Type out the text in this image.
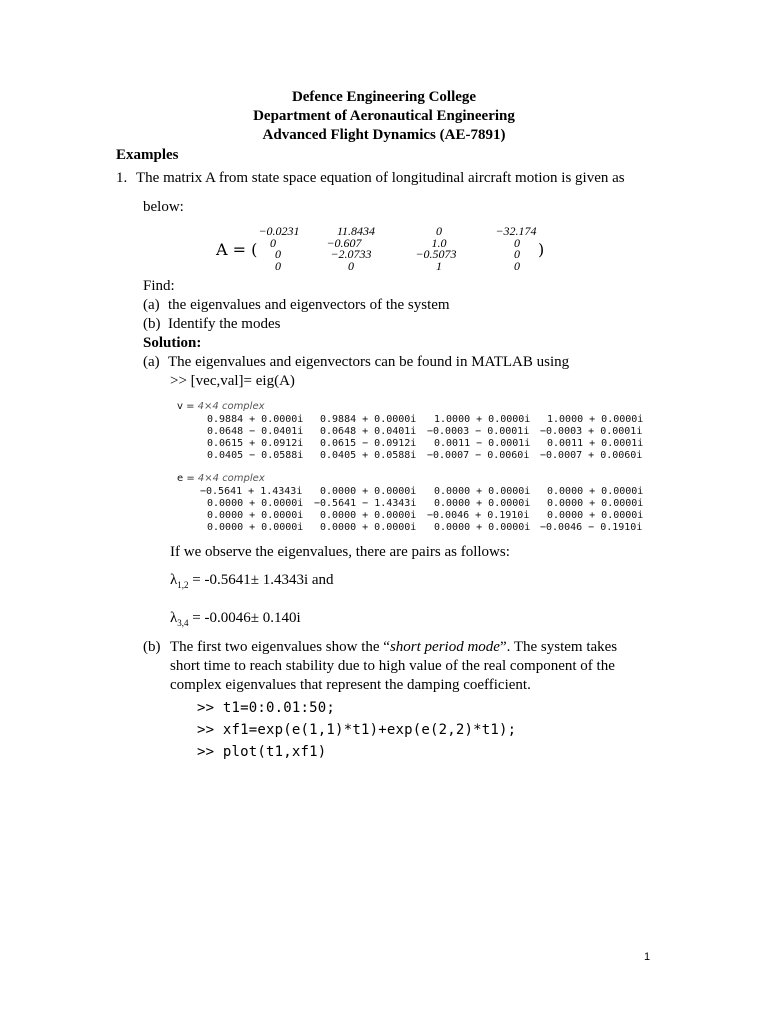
Defence Engineering College
Department of Aeronautical Engineering
Advanced Flight Dynamics (AE-7891)
Examples
1. The matrix A from state space equation of longitudinal aircraft motion is given as
below:
A = (	)
−0.0231	11.8434	0	−32.174
0	−0.607	1.0	0
0	−2.0733	−0.5073	0
0	0	1	0
Find:
(a) the eigenvalues and eigenvectors of the system
(b) Identify the modes
Solution:
(a) The eigenvalues and eigenvectors can be found in MATLAB using
>> [vec,val]= eig(A)
v = 4×4 complex
0.9884 + 0.0000i 0.9884 + 0.0000i 1.0000 + 0.0000i 1.0000 + 0.0000i
0.0648 − 0.0401i 0.0648 + 0.0401i −0.0003 − 0.0001i −0.0003 + 0.0001i
0.0615 + 0.0912i 0.0615 − 0.0912i 0.0011 − 0.0001i 0.0011 + 0.0001i
0.0405 − 0.0588i 0.0405 + 0.0588i −0.0007 − 0.0060i −0.0007 + 0.0060i
e = 4×4 complex
−0.5641 + 1.4343i 0.0000 + 0.0000i 0.0000 + 0.0000i 0.0000 + 0.0000i
0.0000 + 0.0000i −0.5641 − 1.4343i 0.0000 + 0.0000i 0.0000 + 0.0000i
0.0000 + 0.0000i 0.0000 + 0.0000i −0.0046 + 0.1910i 0.0000 + 0.0000i
0.0000 + 0.0000i 0.0000 + 0.0000i 0.0000 + 0.0000i −0.0046 − 0.1910i
If we observe the eigenvalues, there are pairs as follows:
$\lambda_{1,2} = -0.5641\pm 1.4343i$ and
$\lambda_{3,4} = -0.0046\pm 0.140i$
(b) The first two eigenvalues show the “short period mode”. The system takes
short time to reach stability due to high value of the real component of the
complex eigenvalues that represent the damping coefficient.
>> t1=0:0.01:50;
>> xf1=exp(e(1,1)*t1)+exp(e(2,2)*t1);
>> plot(t1,xf1)
1
